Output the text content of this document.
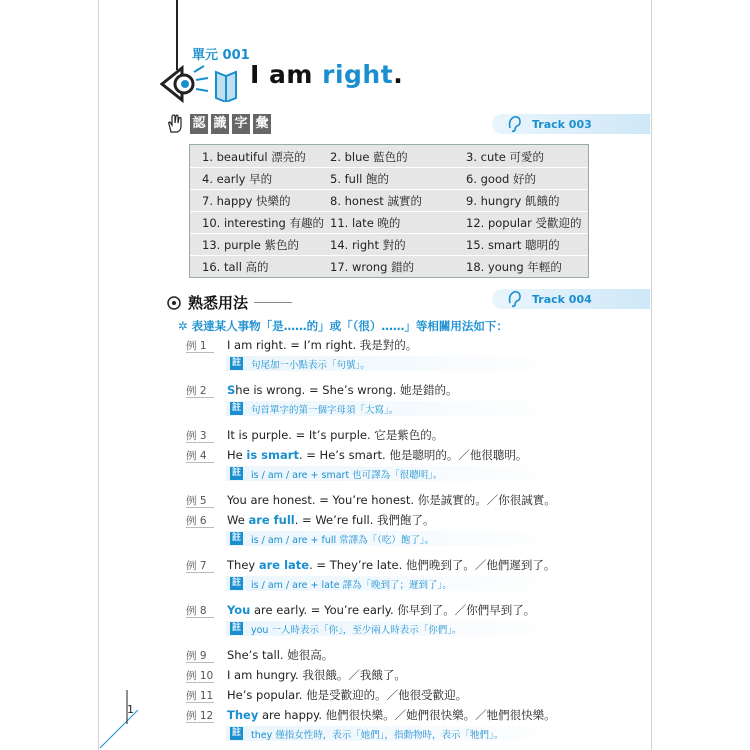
單元 001
I am right.
認 識 字 彙	Track 003
1. beautiful 漂亮的 2. blue 藍色的	3. cute 可愛的
4. early 早的	5. full 飽的	6. good 好的
7. happy 快樂的	8. honest 誠實的	9. hungry 飢餓的
10. interesting 有趣的 11. late 晚的	12. popular 受歡迎的
13. purple 紫色的	14. right 對的	15. smart 聰明的
16. tall 高的	17. wrong 錯的	18. young 年輕的
熟悉用法	Track 004
✲ 表達某人事物「是……的」或「（很）……」等相關用法如下：
例 1 I am right. = I’m right. 我是對的。
註 句尾加一小點表示「句號」。
例 2 She is wrong. = She’s wrong. 她是錯的。
註 句首單字的第一個字母須「大寫」。
例 3 It is purple. = It’s purple. 它是紫色的。
例 4 He is smart. = He’s smart. 他是聰明的。／他很聰明。
註 is / am / are + smart 也可譯為「很聰明」。
例 5 You are honest. = You’re honest. 你是誠實的。／你很誠實。
例 6 We are full. = We’re full. 我們飽了。
註 is / am / are + full 常譯為「（吃）飽了」。
例 7 They are late. = They’re late. 他們晚到了。／他們遲到了。
註 is / am / are + late 譯為「晚到了；遲到了」。
例 8 You are early. = You’re early. 你早到了。／你們早到了。
註 you 一人時表示「你」，至少兩人時表示「你們」。
例 9 She’s tall. 她很高。
例 10 I am hungry. 我很餓。／我餓了。
例 11 He’s popular. 他是受歡迎的。／他很受歡迎。
例 12 They are happy. 他們很快樂。／她們很快樂。／牠們很快樂。
註 they 僅指女性時，表示「她們」，指動物時，表示「牠們」。
1
